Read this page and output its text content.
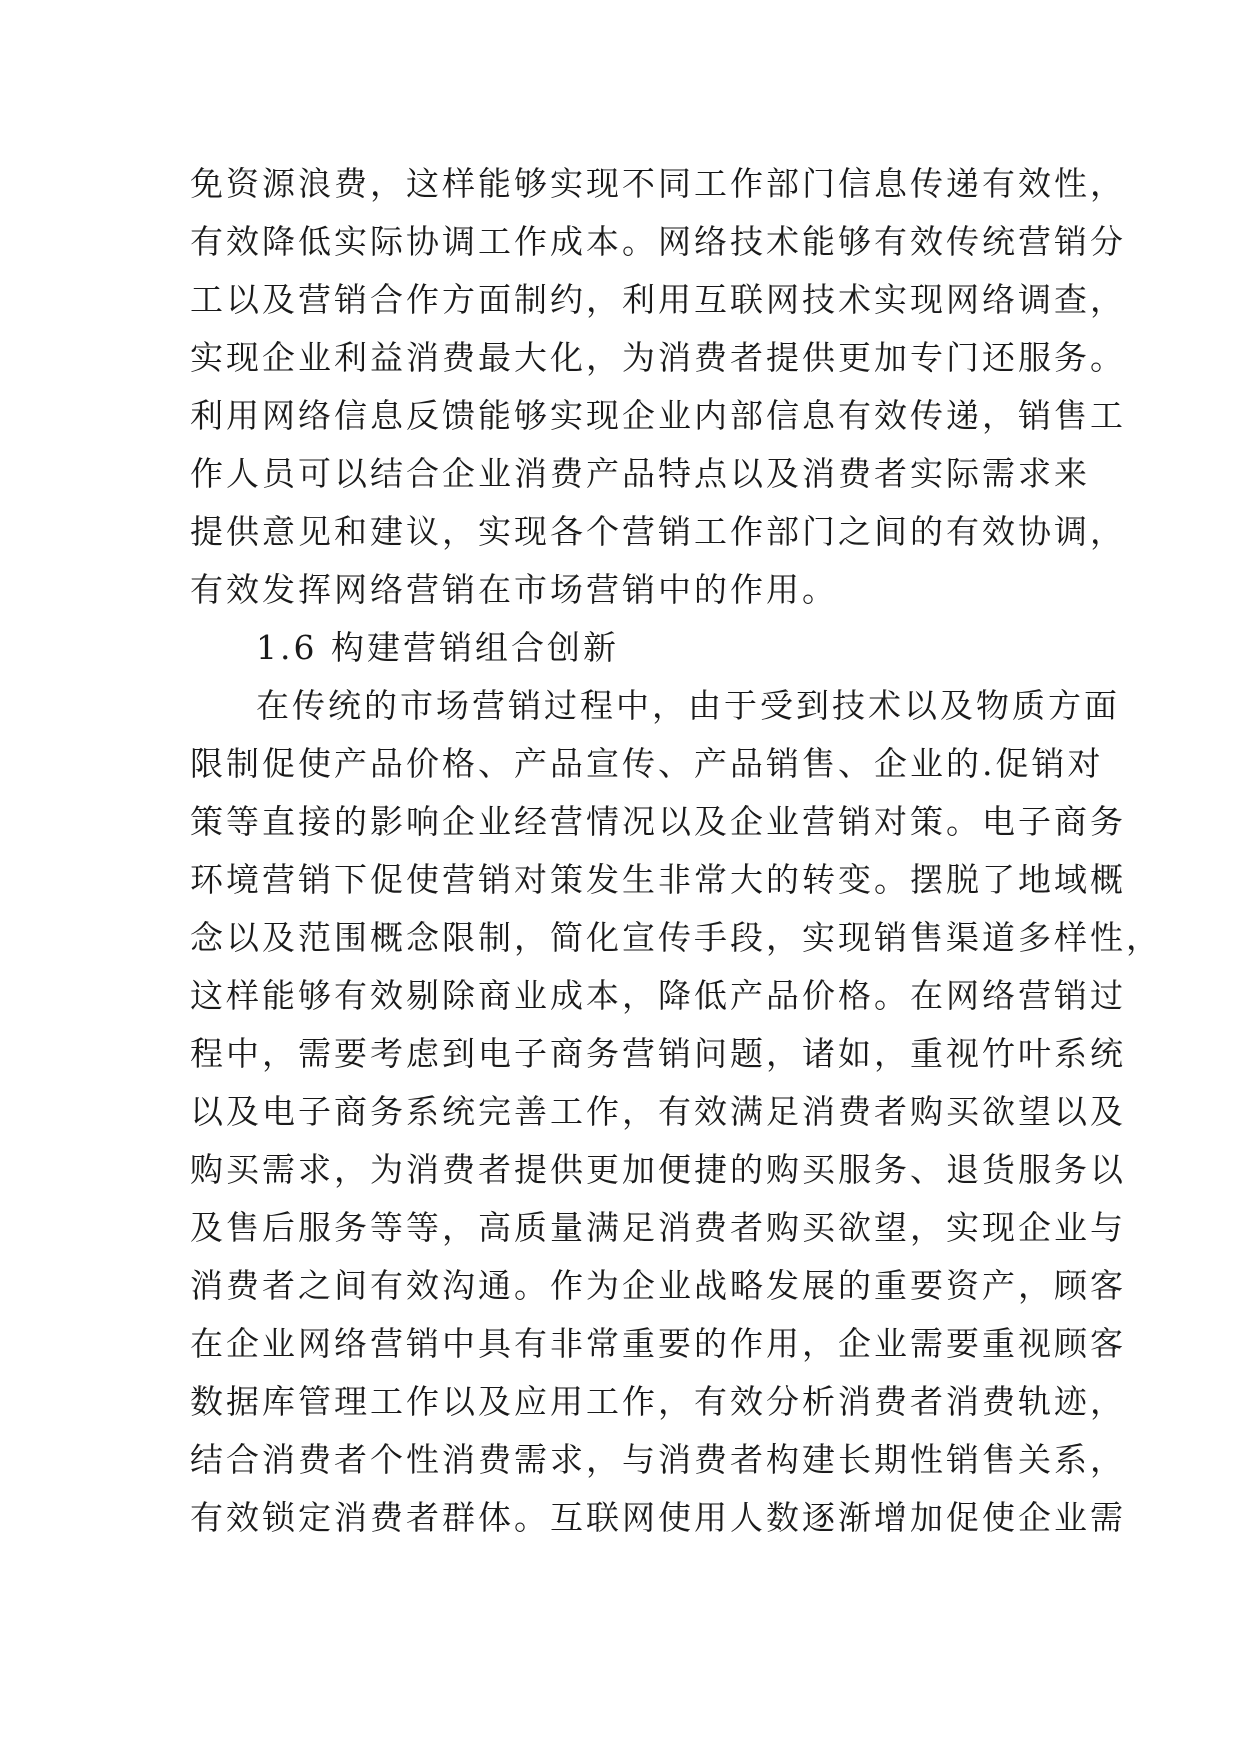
免资源浪费，这样能够实现不同工作部门信息传递有效性，
有效降低实际协调工作成本。网络技术能够有效传统营销分
工以及营销合作方面制约，利用互联网技术实现网络调查，
实现企业利益消费最大化，为消费者提供更加专门还服务。
利用网络信息反馈能够实现企业内部信息有效传递，销售工
作人员可以结合企业消费产品特点以及消费者实际需求来
提供意见和建议，实现各个营销工作部门之间的有效协调，
有效发挥网络营销在市场营销中的作用。
1.6 构建营销组合创新
在传统的市场营销过程中，由于受到技术以及物质方面
限制促使产品价格、产品宣传、产品销售、企业的.促销对
策等直接的影响企业经营情况以及企业营销对策。电子商务
环境营销下促使营销对策发生非常大的转变。摆脱了地域概
念以及范围概念限制，简化宣传手段，实现销售渠道多样性，
这样能够有效剔除商业成本，降低产品价格。在网络营销过
程中，需要考虑到电子商务营销问题，诸如，重视竹叶系统
以及电子商务系统完善工作，有效满足消费者购买欲望以及
购买需求，为消费者提供更加便捷的购买服务、退货服务以
及售后服务等等，高质量满足消费者购买欲望，实现企业与
消费者之间有效沟通。作为企业战略发展的重要资产，顾客
在企业网络营销中具有非常重要的作用，企业需要重视顾客
数据库管理工作以及应用工作，有效分析消费者消费轨迹，
结合消费者个性消费需求，与消费者构建长期性销售关系，
有效锁定消费者群体。互联网使用人数逐渐增加促使企业需
